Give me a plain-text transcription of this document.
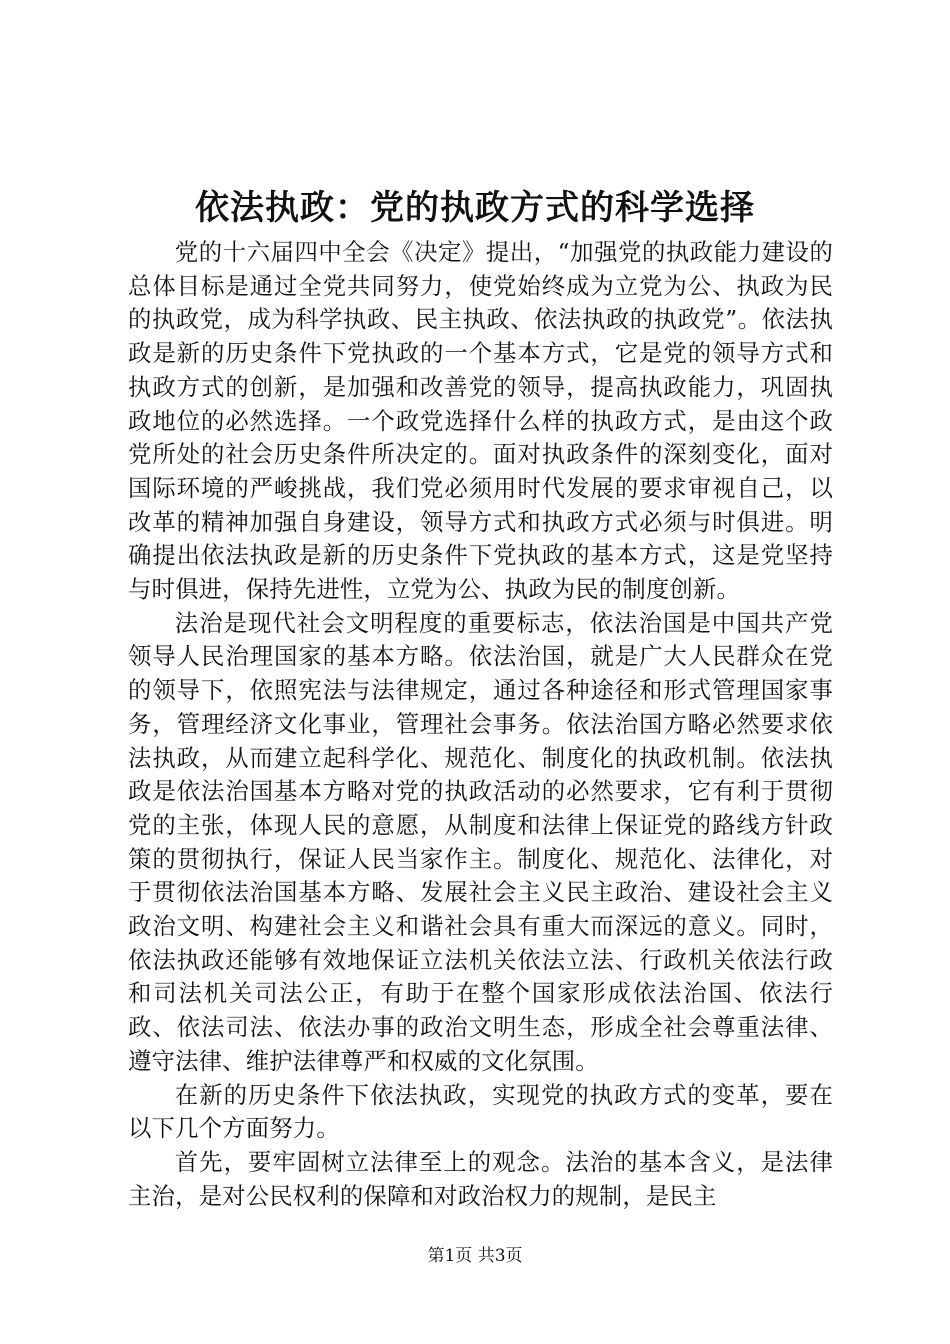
依法执政：党的执政方式的科学选择

党的十六届四中全会《决定》提出，“加强党的执政能力建设的总体目标是通过全党共同努力，使党始终成为立党为公、执政为民的执政党，成为科学执政、民主执政、依法执政的执政党”。依法执政是新的历史条件下党执政的一个基本方式，它是党的领导方式和执政方式的创新，是加强和改善党的领导，提高执政能力，巩固执政地位的必然选择。一个政党选择什么样的执政方式，是由这个政党所处的社会历史条件所决定的。面对执政条件的深刻变化，面对国际环境的严峻挑战，我们党必须用时代发展的要求审视自己，以改革的精神加强自身建设，领导方式和执政方式必须与时俱进。明确提出依法执政是新的历史条件下党执政的基本方式，这是党坚持与时俱进，保持先进性，立党为公、执政为民的制度创新。

法治是现代社会文明程度的重要标志，依法治国是中国共产党领导人民治理国家的基本方略。依法治国，就是广大人民群众在党的领导下，依照宪法与法律规定，通过各种途径和形式管理国家事务，管理经济文化事业，管理社会事务。依法治国方略必然要求依法执政，从而建立起科学化、规范化、制度化的执政机制。依法执政是依法治国基本方略对党的执政活动的必然要求，它有利于贯彻党的主张，体现人民的意愿，从制度和法律上保证党的路线方针政策的贯彻执行，保证人民当家作主。制度化、规范化、法律化，对于贯彻依法治国基本方略、发展社会主义民主政治、建设社会主义政治文明、构建社会主义和谐社会具有重大而深远的意义。同时，依法执政还能够有效地保证立法机关依法立法、行政机关依法行政和司法机关司法公正，有助于在整个国家形成依法治国、依法行政、依法司法、依法办事的政治文明生态，形成全社会尊重法律、遵守法律、维护法律尊严和权威的文化氛围。

在新的历史条件下依法执政，实现党的执政方式的变革，要在以下几个方面努力。

首先，要牢固树立法律至上的观念。法治的基本含义，是法律主治，是对公民权利的保障和对政治权力的规制，是民主

第1页 共3页
